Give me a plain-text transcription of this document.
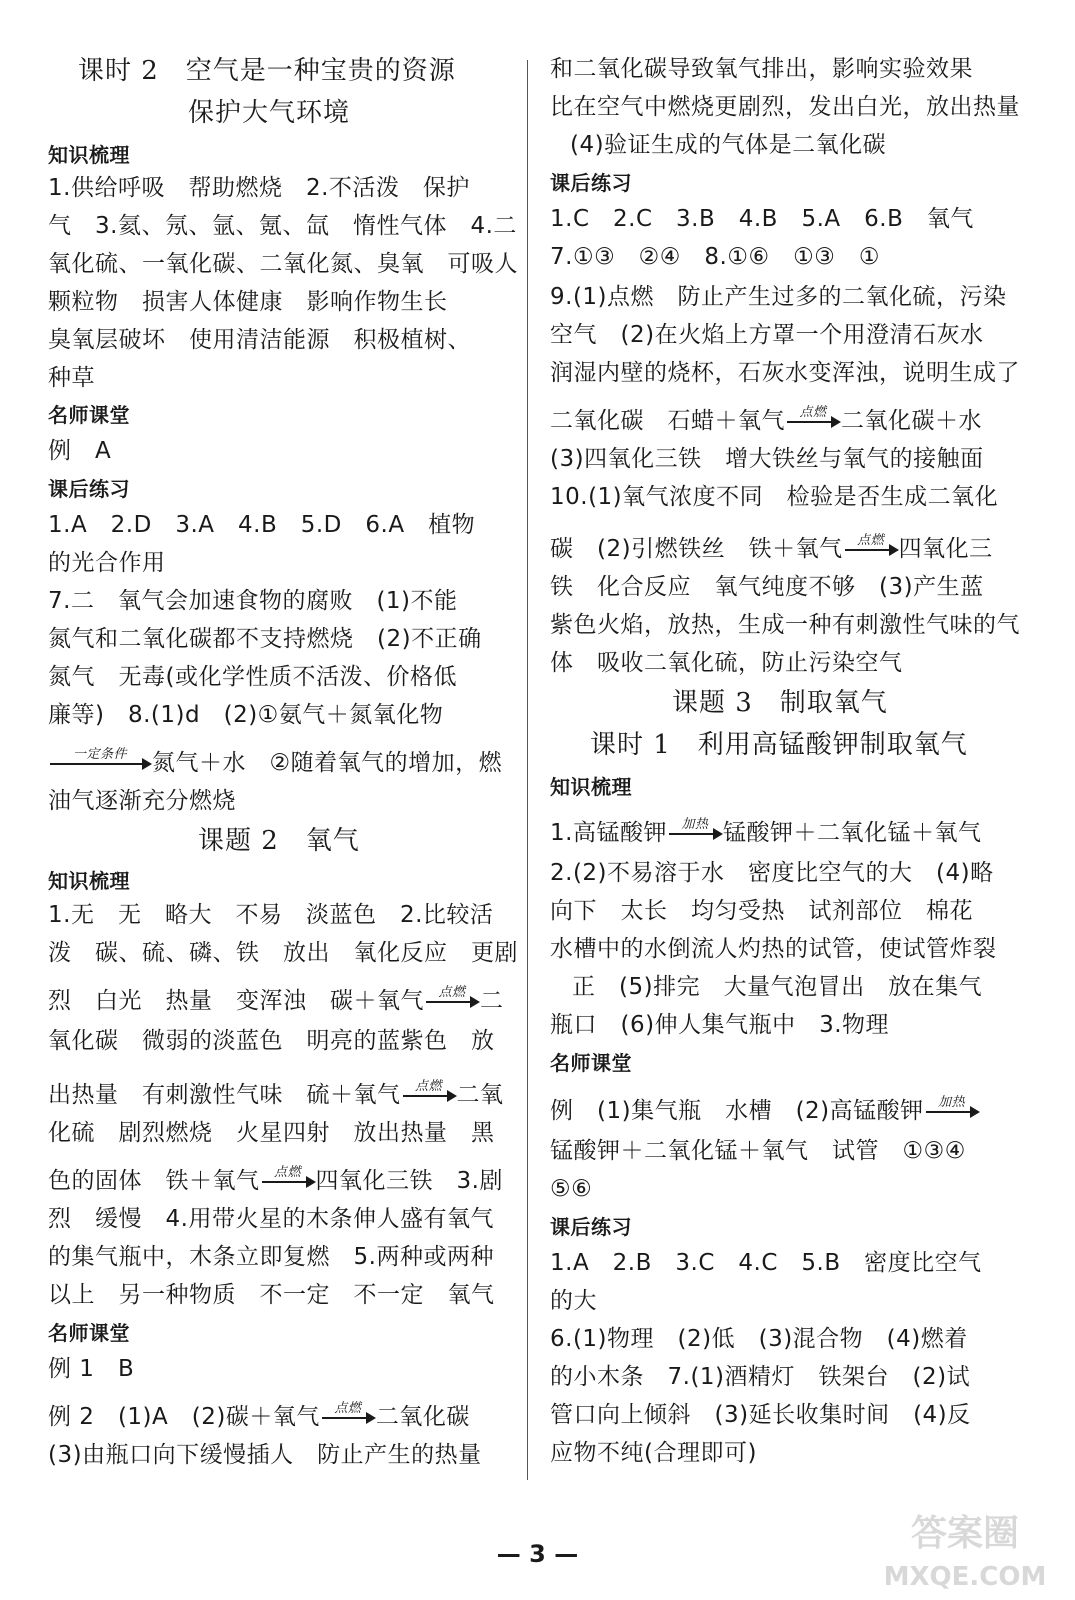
课时 2　空气是一种宝贵的资源
保护大气环境
知识梳理
1.供给呼吸　帮助燃烧　2.不活泼　保护
气　3.氦、氖、氩、氪、氙　惰性气体　4.二
氧化硫、一氧化碳、二氧化氮、臭氧　可吸人
颗粒物　损害人体健康　影响作物生长
臭氧层破坏　使用清洁能源　积极植树、
种草
名师课堂
例　A
课后练习
1.A　2.D　3.A　4.B　5.D　6.A　植物
的光合作用
7.二　氧气会加速食物的腐败　(1)不能
氮气和二氧化碳都不支持燃烧　(2)不正确
氮气　无毒(或化学性质不活泼、价格低
廉等)　8.(1)d　(2)①氨气＋氮氧化物
一定条件	氮气＋水　②随着氧气的增加，燃
油气逐渐充分燃烧
课题 2　氧气
知识梳理
1.无　无　略大　不易　淡蓝色　2.比较活
泼　碳、硫、磷、铁　放出　氧化反应　更剧
烈　白光　热量　变浑浊　碳＋氧气	点燃 二
氧化碳　微弱的淡蓝色　明亮的蓝紫色　放
出热量　有刺激性气味　硫＋氧气	点燃 二氧
化硫　剧烈燃烧　火星四射　放出热量　黑
色的固体　铁＋氧气	点燃 四氧化三铁　3.剧
烈　缓慢　4.用带火星的木条伸人盛有氧气
的集气瓶中，木条立即复燃　5.两种或两种
以上　另一种物质　不一定　不一定　氧气
名师课堂
例 1　B
例 2　(1)A　(2)碳＋氧气	点燃 二氧化碳
(3)由瓶口向下缓慢插人　防止产生的热量
和二氧化碳导致氧气排出，影响实验效果
比在空气中燃烧更剧烈，发出白光，放出热量
(4)验证生成的气体是二氧化碳
课后练习
1.C　2.C　3.B　4.B　5.A　6.B　氧气
7.①③　②④　8.①⑥　①③　①
9.(1)点燃　防止产生过多的二氧化硫，污染
空气　(2)在火焰上方罩一个用澄清石灰水
润湿内壁的烧杯，石灰水变浑浊，说明生成了
二氧化碳　石蜡＋氧气	点燃 二氧化碳＋水
(3)四氧化三铁　增大铁丝与氧气的接触面
10.(1)氧气浓度不同　检验是否生成二氧化
碳　(2)引燃铁丝　铁＋氧气	点燃 四氧化三
铁　化合反应　氧气纯度不够　(3)产生蓝
紫色火焰，放热，生成一种有刺激性气味的气
体　吸收二氧化硫，防止污染空气
课题 3　制取氧气
课时 1　利用高锰酸钾制取氧气
知识梳理
1.高锰酸钾	加热 锰酸钾＋二氧化锰＋氧气
2.(2)不易溶于水　密度比空气的大　(4)略
向下　太长　均匀受热　试剂部位　棉花
水槽中的水倒流人灼热的试管，使试管炸裂
正　(5)排完　大量气泡冒出　放在集气
瓶口　(6)伸人集气瓶中　3.物理
名师课堂
例　(1)集气瓶　水槽　(2)高锰酸钾	加热
锰酸钾＋二氧化锰＋氧气　试管　①③④
⑤⑥
课后练习
1.A　2.B　3.C　4.C　5.B　密度比空气
的大
6.(1)物理　(2)低　(3)混合物　(4)燃着
的小木条　7.(1)酒精灯　铁架台　(2)试
管口向上倾斜　(3)延长收集时间　(4)反
应物不纯(合理即可)
— 3 —	答案圈
MXQE.COM
